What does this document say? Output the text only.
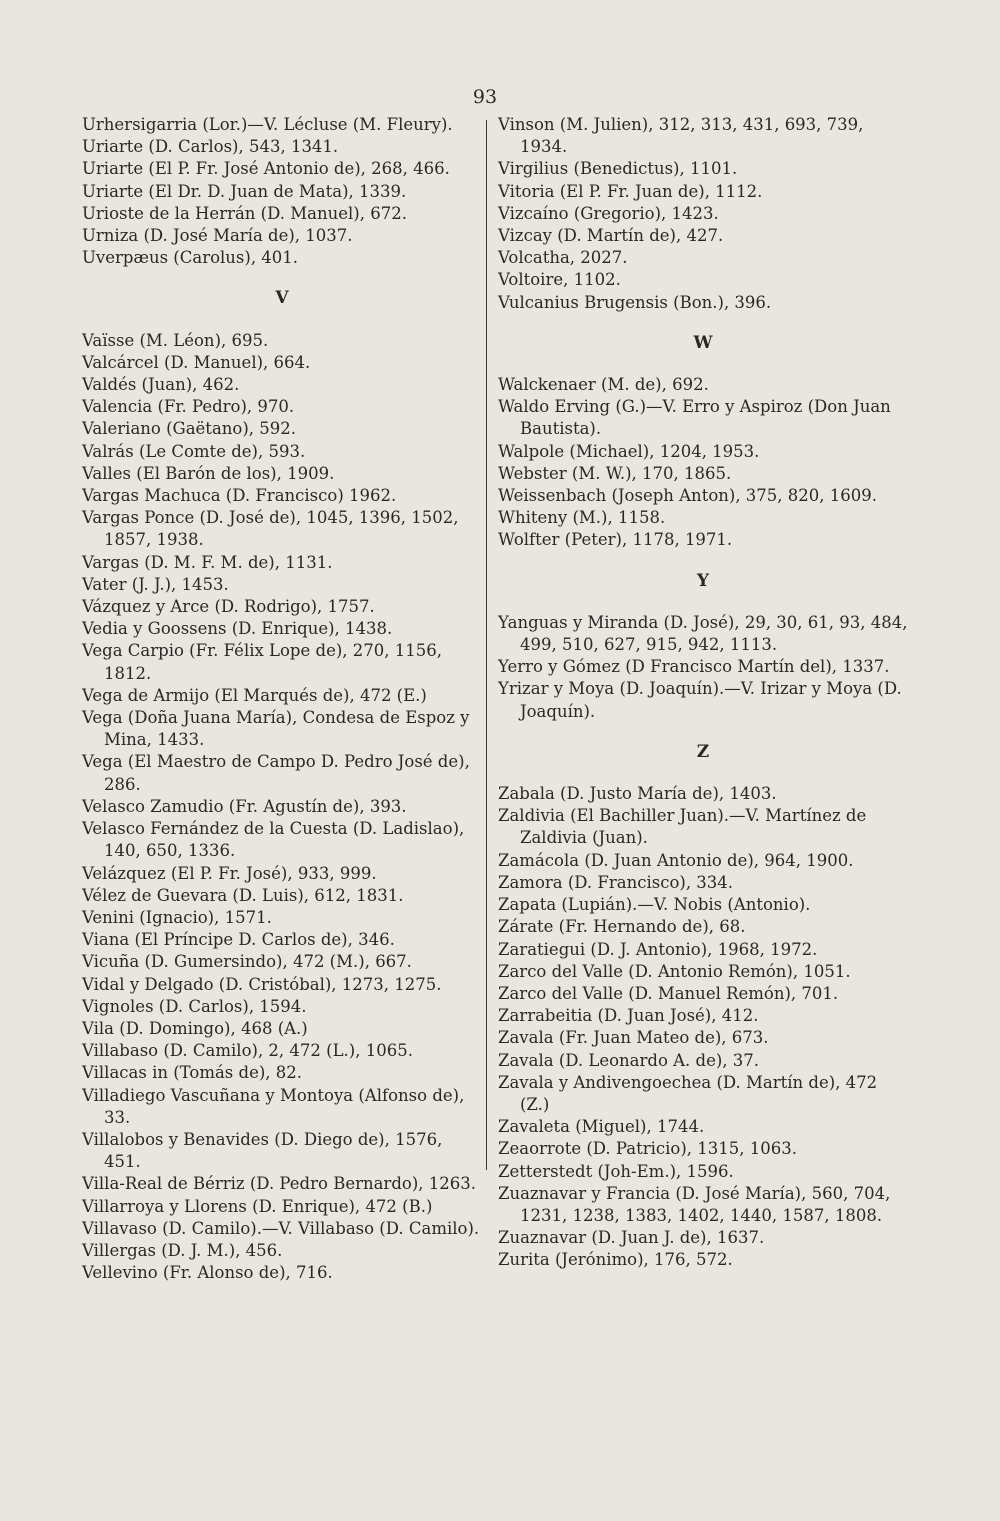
93

Urhersigarria (Lor.)—V. Lécluse (M. Fleury).

Uriarte (D. Carlos), 543, 1341.

Uriarte (El P. Fr. José Antonio de), 268, 466.

Uriarte (El Dr. D. Juan de Mata), 1339.

Urioste de la Herrán (D. Manuel), 672.

Urniza (D. José María de), 1037.

Uverpæus (Carolus), 401.

V

Vaïsse (M. Léon), 695.

Valcárcel (D. Manuel), 664.

Valdés (Juan), 462.

Valencia (Fr. Pedro), 970.

Valeriano (Gaëtano), 592.

Valrás (Le Comte de), 593.

Valles (El Barón de los), 1909.

Vargas Machuca (D. Francisco) 1962.

Vargas Ponce (D. José de), 1045, 1396, 1502, 1857, 1938.

Vargas (D. M. F. M. de), 1131.

Vater (J. J.), 1453.

Vázquez y Arce (D. Rodrigo), 1757.

Vedia y Goossens (D. Enrique), 1438.

Vega Carpio (Fr. Félix Lope de), 270, 1156, 1812.

Vega de Armijo (El Marqués de), 472 (E.)

Vega (Doña Juana María), Condesa de Espoz y Mina, 1433.

Vega (El Maestro de Campo D. Pedro José de), 286.

Velasco Zamudio (Fr. Agustín de), 393.

Velasco Fernández de la Cuesta (D. Ladislao), 140, 650, 1336.

Velázquez (El P. Fr. José), 933, 999.

Vélez de Guevara (D. Luis), 612, 1831.

Venini (Ignacio), 1571.

Viana (El Príncipe D. Carlos de), 346.

Vicuña (D. Gumersindo), 472 (M.), 667.

Vidal y Delgado (D. Cristóbal), 1273, 1275.

Vignoles (D. Carlos), 1594.

Vila (D. Domingo), 468 (A.)

Villabaso (D. Camilo), 2, 472 (L.), 1065.

Villacas in (Tomás de), 82.

Villadiego Vascuñana y Montoya (Alfonso de), 33.

Villalobos y Benavides (D. Diego de), 1576, 451.

Villa-Real de Bérriz (D. Pedro Bernardo), 1263.

Villarroya y Llorens (D. Enrique), 472 (B.)

Villavaso (D. Camilo).—V. Villabaso (D. Camilo).

Villergas (D. J. M.), 456.

Vellevino (Fr. Alonso de), 716.

Vinson (M. Julien), 312, 313, 431, 693, 739, 1934.

Virgilius (Benedictus), 1101.

Vitoria (El P. Fr. Juan de), 1112.

Vizcaíno (Gregorio), 1423.

Vizcay (D. Martín de), 427.

Volcatha, 2027.

Voltoire, 1102.

Vulcanius Brugensis (Bon.), 396.

W

Walckenaer (M. de), 692.

Waldo Erving (G.)—V. Erro y Aspiroz (Don Juan Bautista).

Walpole (Michael), 1204, 1953.

Webster (M. W.), 170, 1865.

Weissenbach (Joseph Anton), 375, 820, 1609.

Whiteny (M.), 1158.

Wolfter (Peter), 1178, 1971.

Y

Yanguas y Miranda (D. José), 29, 30, 61, 93, 484, 499, 510, 627, 915, 942, 1113.

Yerro y Gómez (D Francisco Martín del), 1337.

Yrizar y Moya (D. Joaquín).—V. Irizar y Moya (D. Joaquín).

Z

Zabala (D. Justo María de), 1403.

Zaldivia (El Bachiller Juan).—V. Martínez de Zaldivia (Juan).

Zamácola (D. Juan Antonio de), 964, 1900.

Zamora (D. Francisco), 334.

Zapata (Lupián).—V. Nobis (Antonio).

Zárate (Fr. Hernando de), 68.

Zaratiegui (D. J. Antonio), 1968, 1972.

Zarco del Valle (D. Antonio Remón), 1051.

Zarco del Valle (D. Manuel Remón), 701.

Zarrabeitia (D. Juan José), 412.

Zavala (Fr. Juan Mateo de), 673.

Zavala (D. Leonardo A. de), 37.

Zavala y Andivengoechea (D. Martín de), 472 (Z.)

Zavaleta (Miguel), 1744.

Zeaorrote (D. Patricio), 1315, 1063.

Zetterstedt (Joh-Em.), 1596.

Zuaznavar y Francia (D. José María), 560, 704, 1231, 1238, 1383, 1402, 1440, 1587, 1808.

Zuaznavar (D. Juan J. de), 1637.

Zurita (Jerónimo), 176, 572.
